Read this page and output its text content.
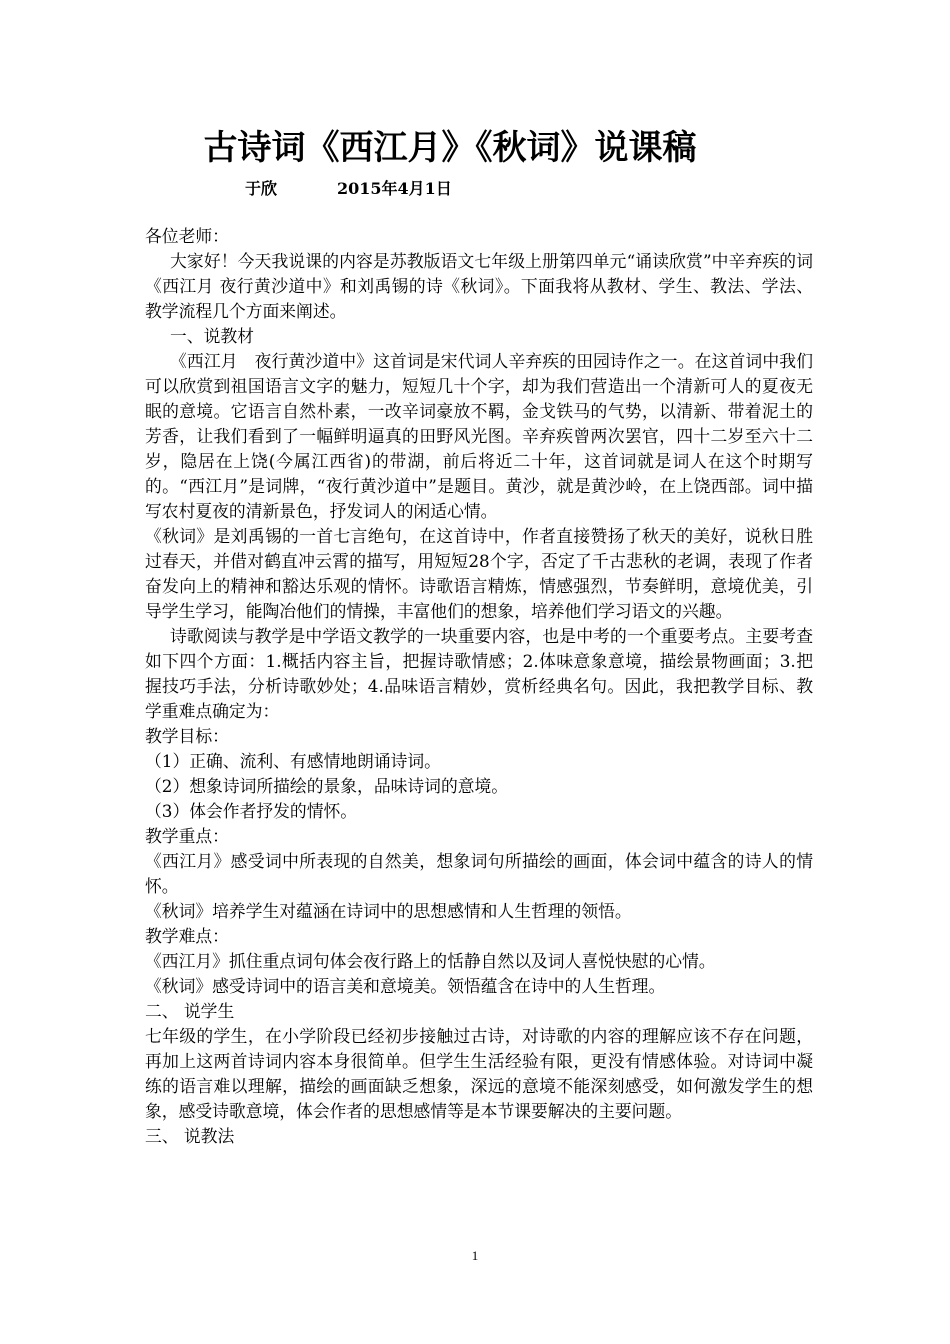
古诗词《西江月》《秋词》说课稿
于欣	2015年4月1日

各位老师：

大家好！今天我说课的内容是苏教版语文七年级上册第四单元“诵读欣赏”中辛弃疾的词《西江月 夜行黄沙道中》和刘禹锡的诗《秋词》。下面我将从教材、学生、教法、学法、教学流程几个方面来阐述。

一、说教材

《西江月　夜行黄沙道中》这首词是宋代词人辛弃疾的田园诗作之一。在这首词中我们可以欣赏到祖国语言文字的魅力，短短几十个字，却为我们营造出一个清新可人的夏夜无眠的意境。它语言自然朴素，一改辛词豪放不羁，金戈铁马的气势，以清新、带着泥土的芳香，让我们看到了一幅鲜明逼真的田野风光图。辛弃疾曾两次罢官，四十二岁至六十二岁，隐居在上饶(今属江西省)的带湖，前后将近二十年，这首词就是词人在这个时期写的。“西江月”是词牌，“夜行黄沙道中”是题目。黄沙，就是黄沙岭，在上饶西部。词中描写农村夏夜的清新景色，抒发词人的闲适心情。

《秋词》是刘禹锡的一首七言绝句，在这首诗中，作者直接赞扬了秋天的美好，说秋日胜过春天，并借对鹤直冲云霄的描写，用短短28个字，否定了千古悲秋的老调，表现了作者奋发向上的精神和豁达乐观的情怀。诗歌语言精炼，情感强烈，节奏鲜明，意境优美，引导学生学习，能陶冶他们的情操，丰富他们的想象，培养他们学习语文的兴趣。

诗歌阅读与教学是中学语文教学的一块重要内容，也是中考的一个重要考点。主要考查如下四个方面：1.概括内容主旨，把握诗歌情感；2.体味意象意境，描绘景物画面；3.把握技巧手法，分析诗歌妙处；4.品味语言精妙，赏析经典名句。因此，我把教学目标、教学重难点确定为：

教学目标：

（1）正确、流利、有感情地朗诵诗词。

（2）想象诗词所描绘的景象，品味诗词的意境。

（3）体会作者抒发的情怀。

教学重点：

《西江月》感受词中所表现的自然美，想象词句所描绘的画面，体会词中蕴含的诗人的情怀。

《秋词》培养学生对蕴涵在诗词中的思想感情和人生哲理的领悟。

教学难点：

《西江月》抓住重点词句体会夜行路上的恬静自然以及词人喜悦快慰的心情。

《秋词》感受诗词中的语言美和意境美。领悟蕴含在诗中的人生哲理。

二、 说学生

七年级的学生，在小学阶段已经初步接触过古诗，对诗歌的内容的理解应该不存在问题，再加上这两首诗词内容本身很简单。但学生生活经验有限，更没有情感体验。对诗词中凝练的语言难以理解，描绘的画面缺乏想象，深远的意境不能深刻感受，如何激发学生的想象，感受诗歌意境，体会作者的思想感情等是本节课要解决的主要问题。

三、 说教法

1
